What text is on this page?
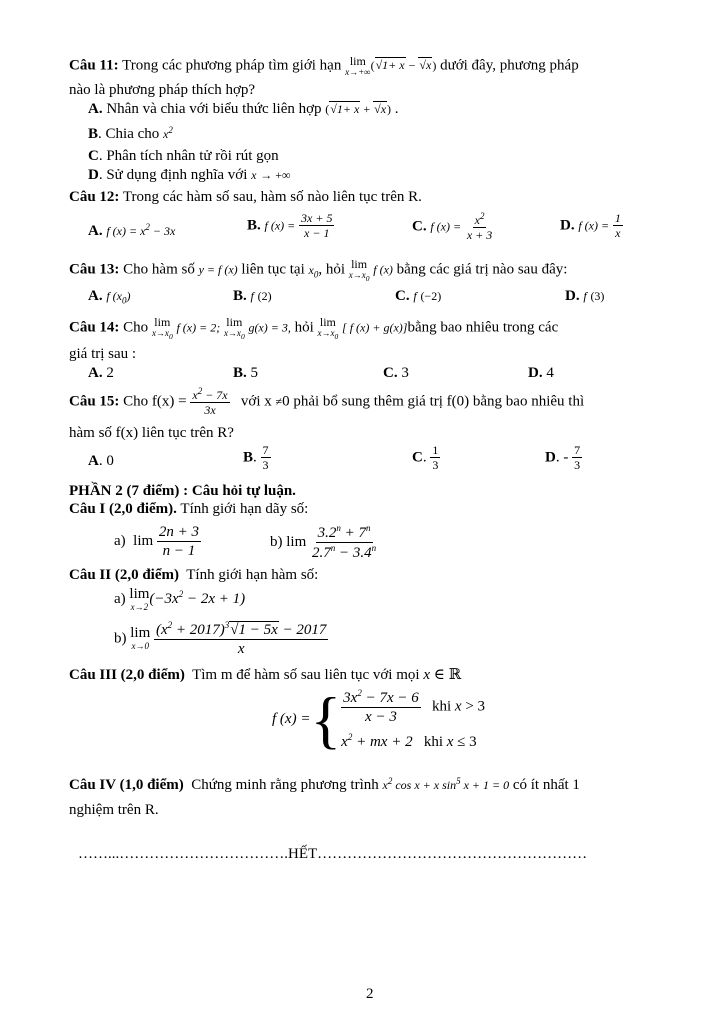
Câu 11: Trong các phương pháp tìm giới hạn lim
x→+∞ (√1+ x − √x) dưới đây, phương pháp
nào là phương pháp thích hợp?
A. Nhân và chia với biểu thức liên hợp (√1+ x + √x) .
B. Chia cho $x^2$
C. Phân tích nhân tử rồi rút gọn
D. Sử dụng định nghĩa với x → +∞
Câu 12: Trong các hàm số sau, hàm số nào liên tục trên R.
A. f $(x) = x^2 - 3x$	B. f $(x) = \frac{3x + 5}{x - 1}$	C. f $(x) = \frac{x^2}{x + 3}$	D. f $(x) = \frac{1}{x}$
Câu 13: Cho hàm số y = f (x) liên tục tại $x_0$, hỏi lim
$x\to x_0$
f (x) bằng các giá trị nào sau đây:
A. f $(x_0)$	B. f (2)	C. f (−2)	D. f (3)
Câu 14: Cho lim
$x\to x_0$
f (x) = 2; lim
$x\to x_0$
g(x) = 3, hỏi lim
$x\to x_0$
[ f (x) + g(x)]bằng bao nhiêu trong các
giá trị sau :
A. 2	B. 5	C. 3	D. 4
Câu 15: Cho $f(x) = \frac{x^2 - 7x}{3x}$ với x ≠0 phải bổ sung thêm giá trị f(0) bằng bao nhiêu thì
hàm số f(x) liên tục trên R?
A. 0	B. $\frac{7}{3}$	C. $\frac{1}{3}$	D. - $\frac{7}{3}$
PHẦN 2 (7 điểm) : Câu hỏi tự luận.
Câu I (2,0 điểm). Tính giới hạn dãy số:
a)  $\lim \frac{2n + 3}{n - 1}$	b) $\lim \frac{3.2^n + 7^n}{2.7^n - 3.4^n}$
Câu II (2,0 điểm) Tính giới hạn hàm số:
a) lim
x→2 $(-3x^2 - 2x + 1)$
b) lim
x→0
$\frac{(x^2 + 2017)^3√1 - 5x - 2017}{x}$
Câu III (2,0 điểm) Tìm m để hàm số sau liên tục với mọi x ∈ ℝ
f (x) = { $\frac{3x^2 - 7x - 6}{x - 3}$ khi x > 3
$x^2$ + mx + 2 khi x ≤ 3
Câu IV (1,0 điểm) Chứng minh rằng phương trình $x^2$ cos x + x $\sin^5 x + 1 = 0$ có ít nhất 1
nghiệm trên R.
……...…………………………….HẾT………………………………………………
2
